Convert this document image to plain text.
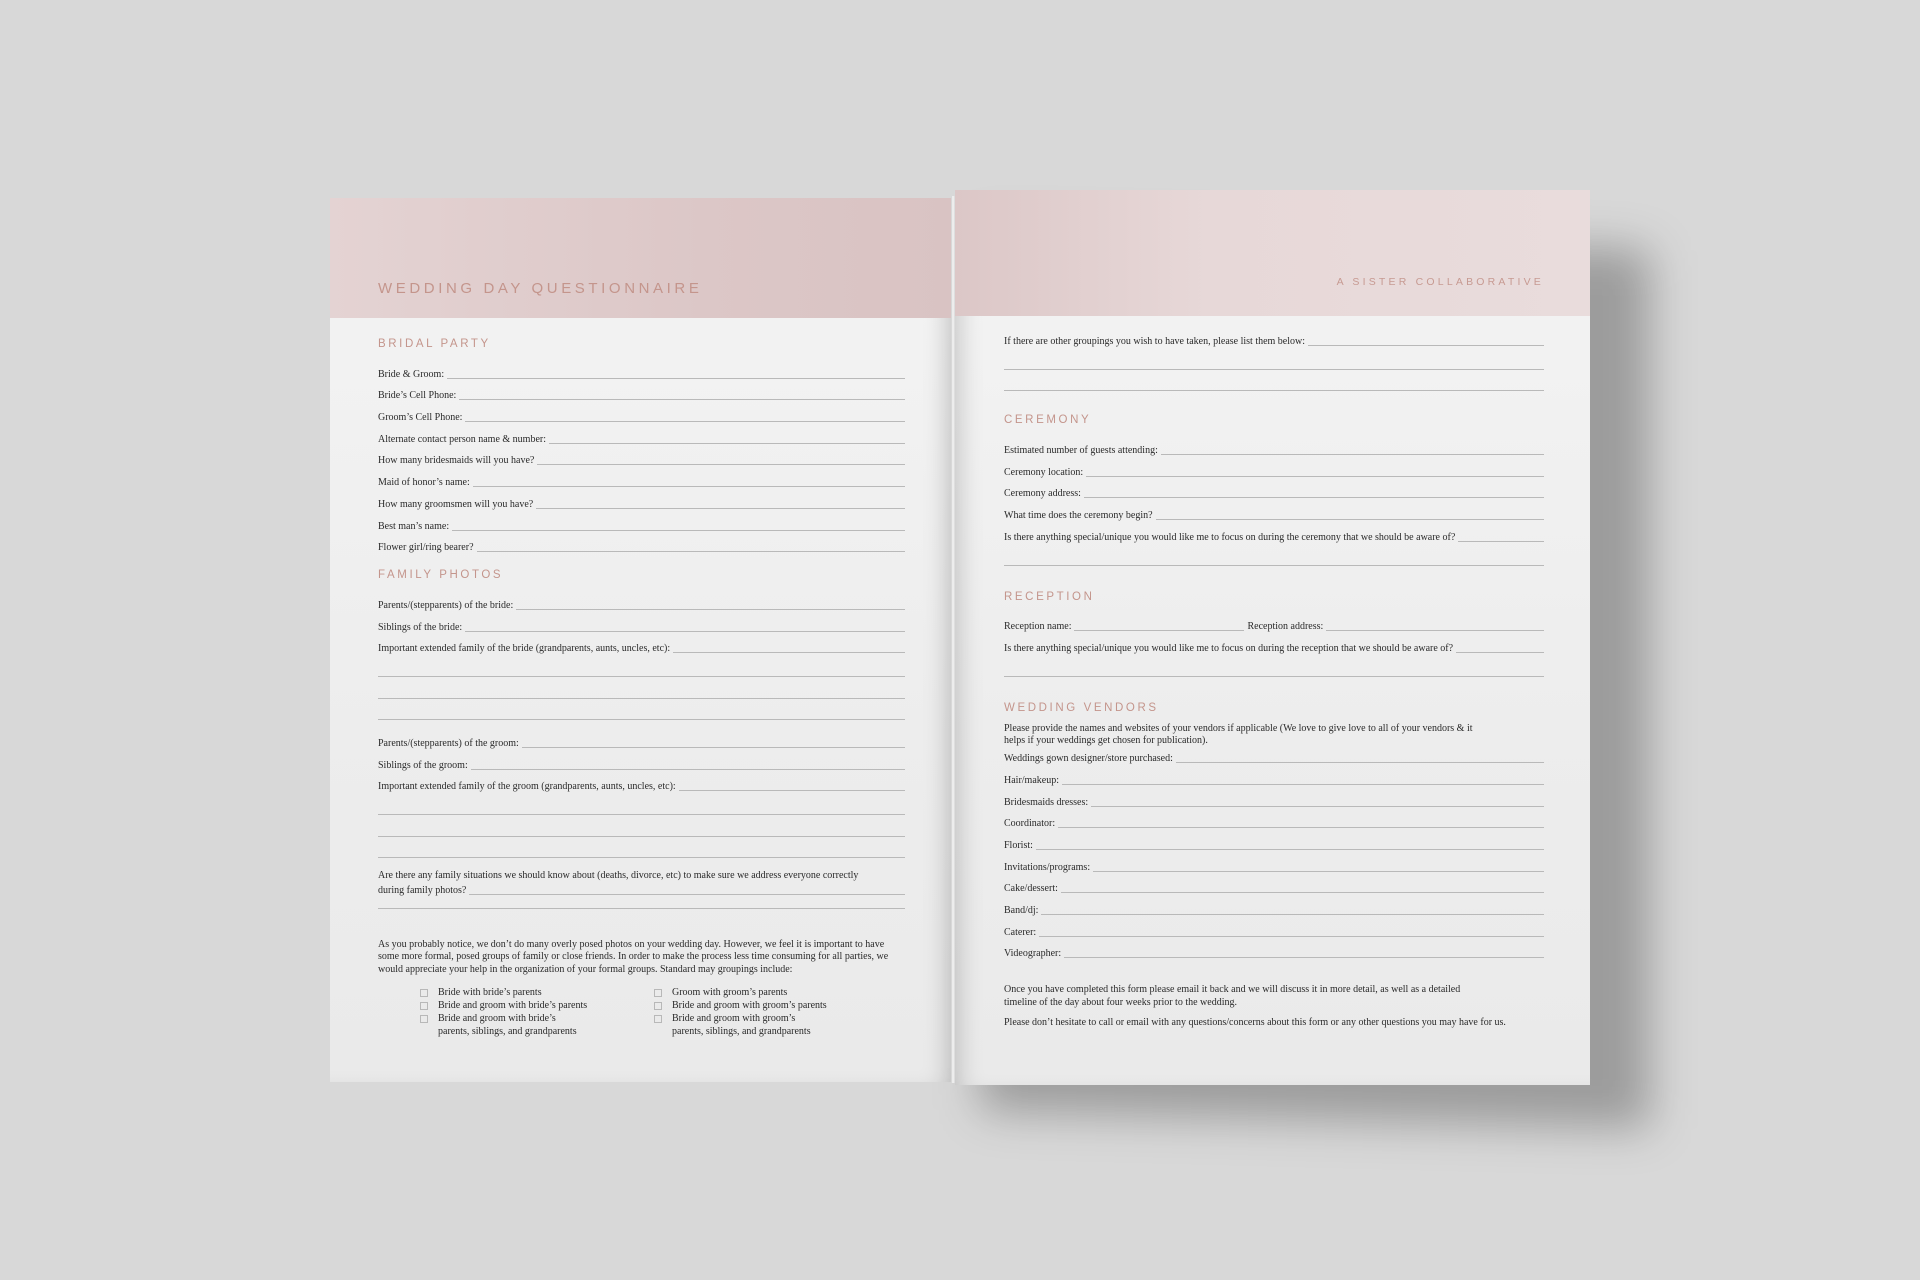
WEDDING DAY QUESTIONNAIRE
BRIDAL PARTY
Bride & Groom:
Bride’s Cell Phone:
Groom’s Cell Phone:
Alternate contact person name & number:
How many bridesmaids will you have?
Maid of honor’s name:
How many groomsmen will you have?
Best man’s name:
Flower girl/ring bearer?
FAMILY PHOTOS
Parents/(stepparents) of the bride:
Siblings of the bride:
Important extended family of the bride (grandparents, aunts, uncles, etc):
Parents/(stepparents) of the groom:
Siblings of the groom:
Important extended family of the groom (grandparents, aunts, uncles, etc):
Are there any family situations we should know about (deaths, divorce, etc) to make sure we address everyone correctly
during family photos?
As you probably notice, we don’t do many overly posed photos on your wedding day. However, we feel it is important to have some more formal, posed groups of family or close friends. In order to make the process less time consuming for all parties, we would appreciate your help in the organization of your formal groups. Standard may groupings include:
Bride with bride’s parents
Bride and groom with bride’s parents
Bride and groom with bride’s
parents, siblings, and grandparents
Groom with groom’s parents
Bride and groom with groom’s parents
Bride and groom with groom’s
parents, siblings, and grandparents
A SISTER COLLABORATIVE
If there are other groupings you wish to have taken, please list them below:
CEREMONY
Estimated number of guests attending:
Ceremony location:
Ceremony address:
What time does the ceremony begin?
Is there anything special/unique you would like me to focus on during the ceremony that we should be aware of?
RECEPTION
Reception name:	Reception address:
Is there anything special/unique you would like me to focus on during the reception that we should be aware of?
WEDDING VENDORS
Please provide the names and websites of your vendors if applicable (We love to give love to all of your vendors & it
helps if your weddings get chosen for publication).
Weddings gown designer/store purchased:
Hair/makeup:
Bridesmaids dresses:
Coordinator:
Florist:
Invitations/programs:
Cake/dessert:
Band/dj:
Caterer:
Videographer:
Once you have completed this form please email it back and we will discuss it in more detail, as well as a detailed
timeline of the day about four weeks prior to the wedding.
Please don’t hesitate to call or email with any questions/concerns about this form or any other questions you may have for us.
